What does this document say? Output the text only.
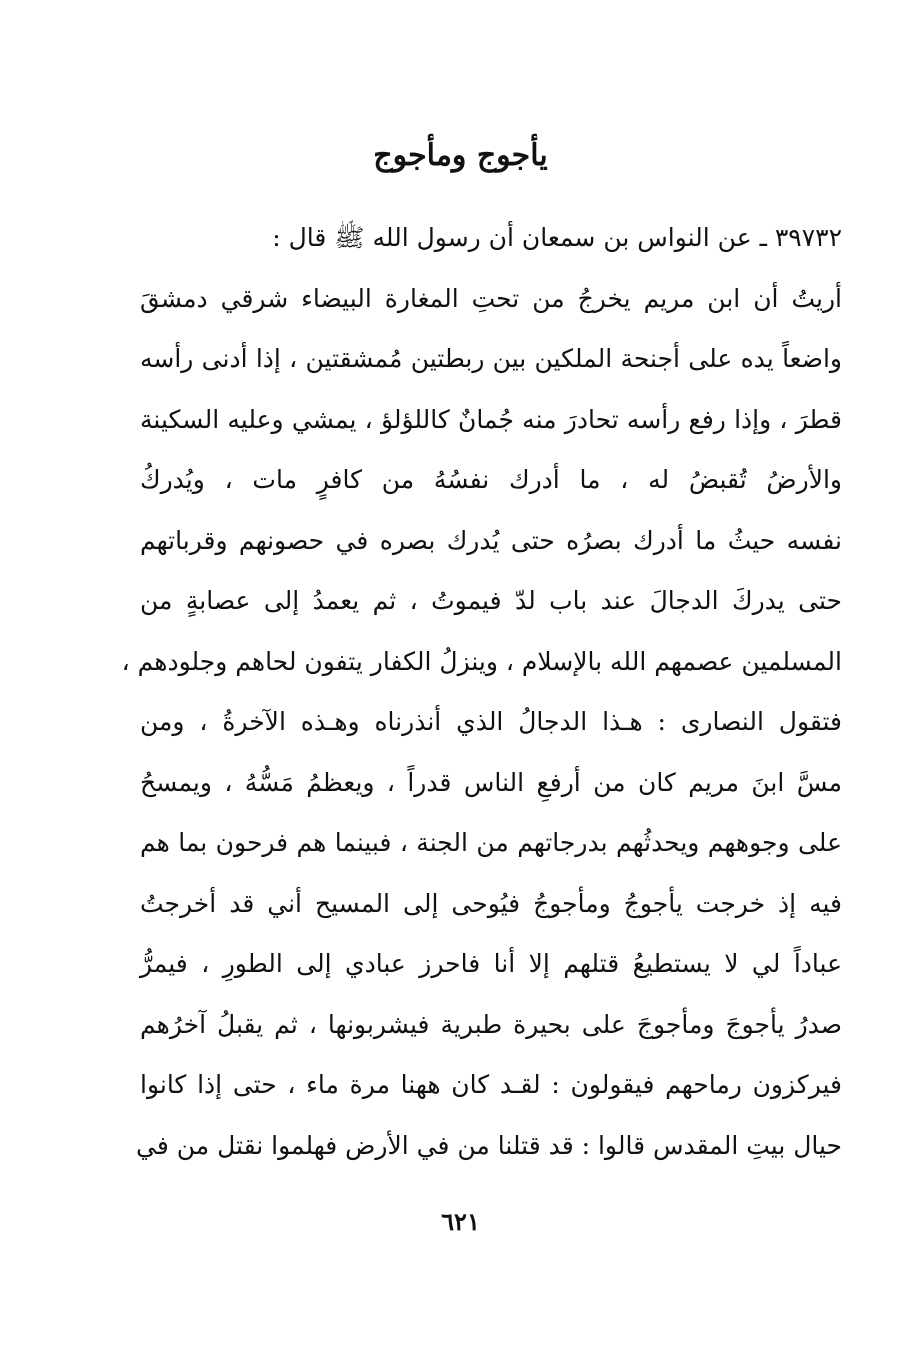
يأجوج ومأجوج
٣٩٧٣٢ ـ عن النواس بن سمعان أن رسول الله ﷺ قال :
أريتُ أن ابن مريم يخرجُ من تحتِ المغارة البيضاء شرقي دمشقَ
واضعاً يده على أجنحة الملكين بين ربطتين مُمشقتين ، إذا أدنى رأسه
قطرَ ، وإذا رفع رأسه تحادرَ منه جُمانٌ كاللؤلؤ ، يمشي وعليه السكينة
والأرضُ تُقبضُ له ، ما أدرك نفسُهُ من كافرٍ مات ، ويُدركُ
نفسه حيثُ ما أدرك بصرُه حتى يُدرك بصره في حصونهم وقرباتهم
حتى يدركَ الدجالَ عند باب لدّ فيموتُ ، ثم يعمدُ إلى عصابةٍ من
المسلمين عصمهم الله بالإسلام ، وينزلُ الكفار يتفون لحاهم وجلودهم ،
فتقول النصارى : هـذا الدجالُ الذي أنذرناه وهـذه الآخرةُ ، ومن
مسَّ ابنَ مريم كان من أرفعِ الناس قدراً ، ويعظمُ مَسُّهُ ، ويمسحُ
على وجوههم ويحدثُهم بدرجاتهم من الجنة ، فبينما هم فرحون بما هم
فيه إذ خرجت يأجوجُ ومأجوجُ فيُوحى إلى المسيح أني قد أخرجتُ
عباداً لي لا يستطيعُ قتلهم إلا أنا فاحرز عبادي إلى الطورِ ، فيمرُّ
صدرُ يأجوجَ ومأجوجَ على بحيرة طبرية فيشربونها ، ثم يقبلُ آخرُهم
فيركزون رماحهم فيقولون : لقـد كان ههنا مرة ماء ، حتى إذا كانوا
حيال بيتِ المقدس قالوا : قد قتلنا من في الأرض فهلموا نقتل من في
٦٢١
